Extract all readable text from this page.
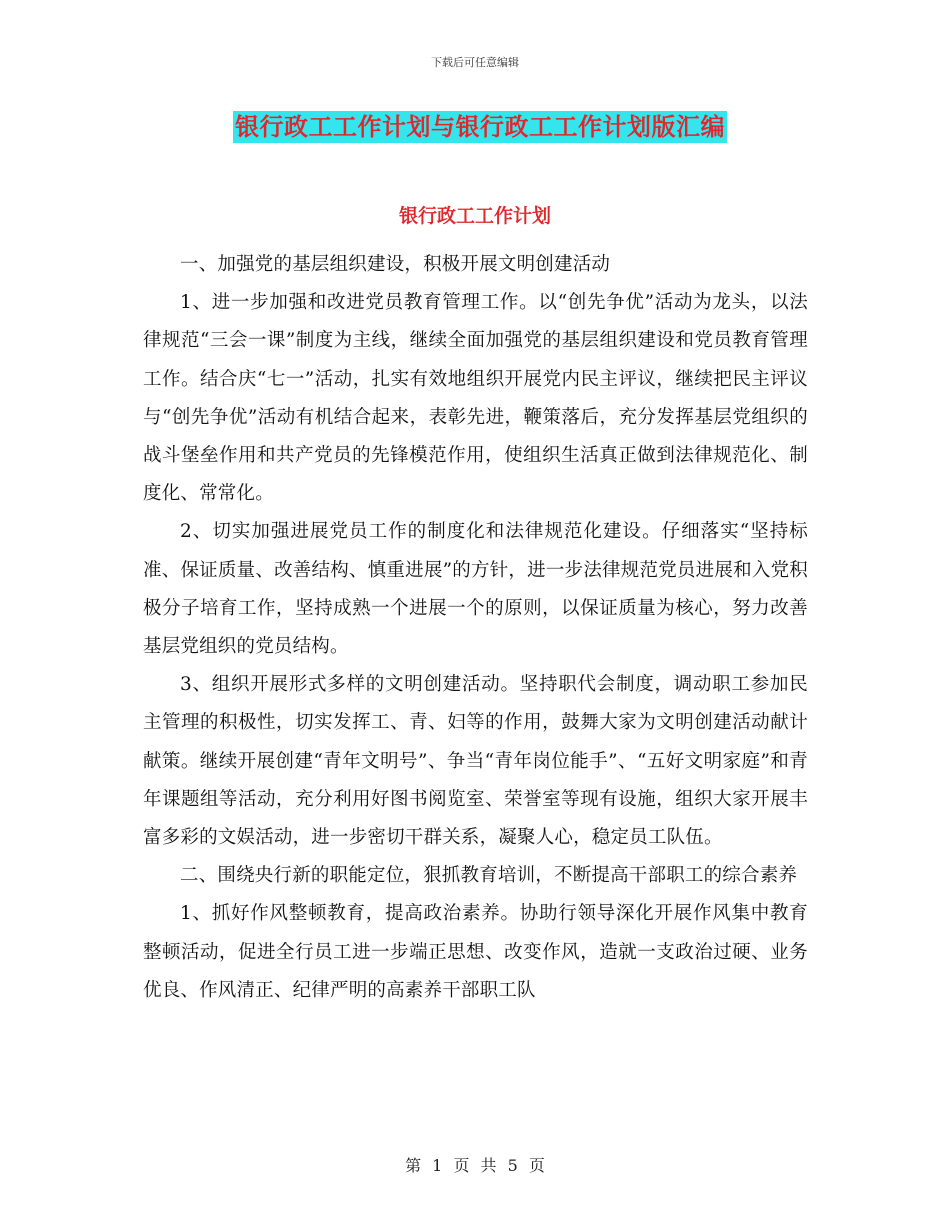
下载后可任意编辑
银行政工工作计划与银行政工工作计划版汇编
银行政工工作计划

一、加强党的基层组织建设，积极开展文明创建活动

1、进一步加强和改进党员教育管理工作。以“创先争优”活动为龙头，以法律规范“三会一课”制度为主线，继续全面加强党的基层组织建设和党员教育管理工作。结合庆“七一”活动，扎实有效地组织开展党内民主评议，继续把民主评议与“创先争优”活动有机结合起来，表彰先进，鞭策落后，充分发挥基层党组织的战斗堡垒作用和共产党员的先锋模范作用，使组织生活真正做到法律规范化、制度化、常常化。

2、切实加强进展党员工作的制度化和法律规范化建设。仔细落实“坚持标准、保证质量、改善结构、慎重进展”的方针，进一步法律规范党员进展和入党积极分子培育工作，坚持成熟一个进展一个的原则，以保证质量为核心，努力改善基层党组织的党员结构。

3、组织开展形式多样的文明创建活动。坚持职代会制度，调动职工参加民主管理的积极性，切实发挥工、青、妇等的作用，鼓舞大家为文明创建活动献计献策。继续开展创建“青年文明号”、争当“青年岗位能手”、“五好文明家庭”和青年课题组等活动，充分利用好图书阅览室、荣誉室等现有设施，组织大家开展丰富多彩的文娱活动，进一步密切干群关系，凝聚人心，稳定员工队伍。

二、围绕央行新的职能定位，狠抓教育培训，不断提高干部职工的综合素养

1、抓好作风整顿教育，提高政治素养。协助行领导深化开展作风集中教育整顿活动，促进全行员工进一步端正思想、改变作风，造就一支政治过硬、业务优良、作风清正、纪律严明的高素养干部职工队

第 1 页 共 5 页
